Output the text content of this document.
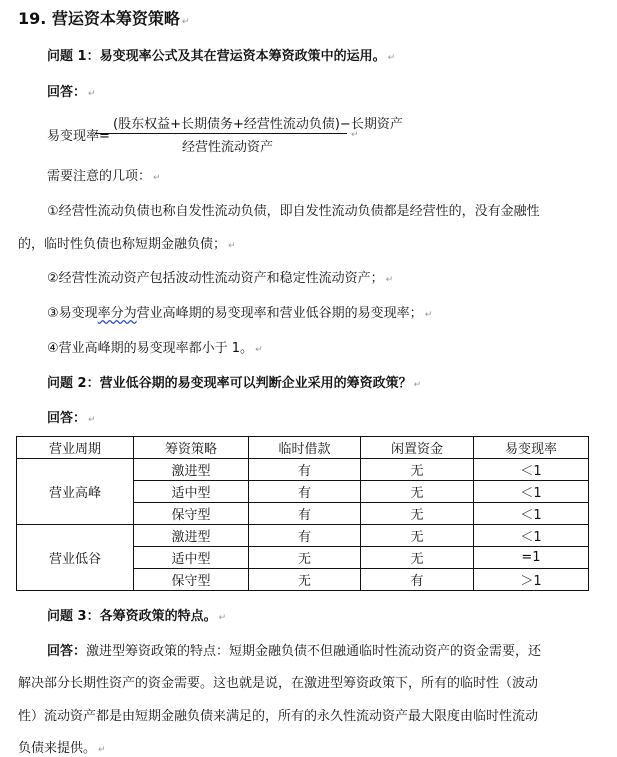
19. 营运资本筹资策略 ↵
问题 1：易变现率公式及其在营运资本筹资政策中的运用。 ↵
回答： ↵
易变现率=
(股东权益+长期债务+经营性流动负债)−长期资产
↵
经营性流动资产
需要注意的几项： ↵
①经营性流动负债也称自发性流动负债，即自发性流动负债都是经营性的，没有金融性
的，临时性负债也称短期金融负债； ↵
②经营性流动资产包括波动性流动资产和稳定性流动资产； ↵
③易变现率分为营业高峰期的易变现率和营业低谷期的易变现率； ↵
④营业高峰期的易变现率都小于 1。 ↵
问题 2：营业低谷期的易变现率可以判断企业采用的筹资政策？ ↵
回答： ↵
营业周期	筹资策略	临时借款	闲置资金	易变现率
营业高峰	激进型	有	无	＜1
	适中型	有	无	＜1
	保守型	有	无	＜1
营业低谷	激进型	有	无	＜1
	适中型	无	无	=1
	保守型	无	有	＞1
问题 3：各筹资政策的特点。 ↵
回答：激进型筹资政策的特点：短期金融负债不但融通临时性流动资产的资金需要，还
解决部分长期性资产的资金需要。这也就是说，在激进型筹资政策下，所有的临时性（波动
性）流动资产都是由短期金融负债来满足的，所有的永久性流动资产最大限度由临时性流动
负债来提供。 ↵
